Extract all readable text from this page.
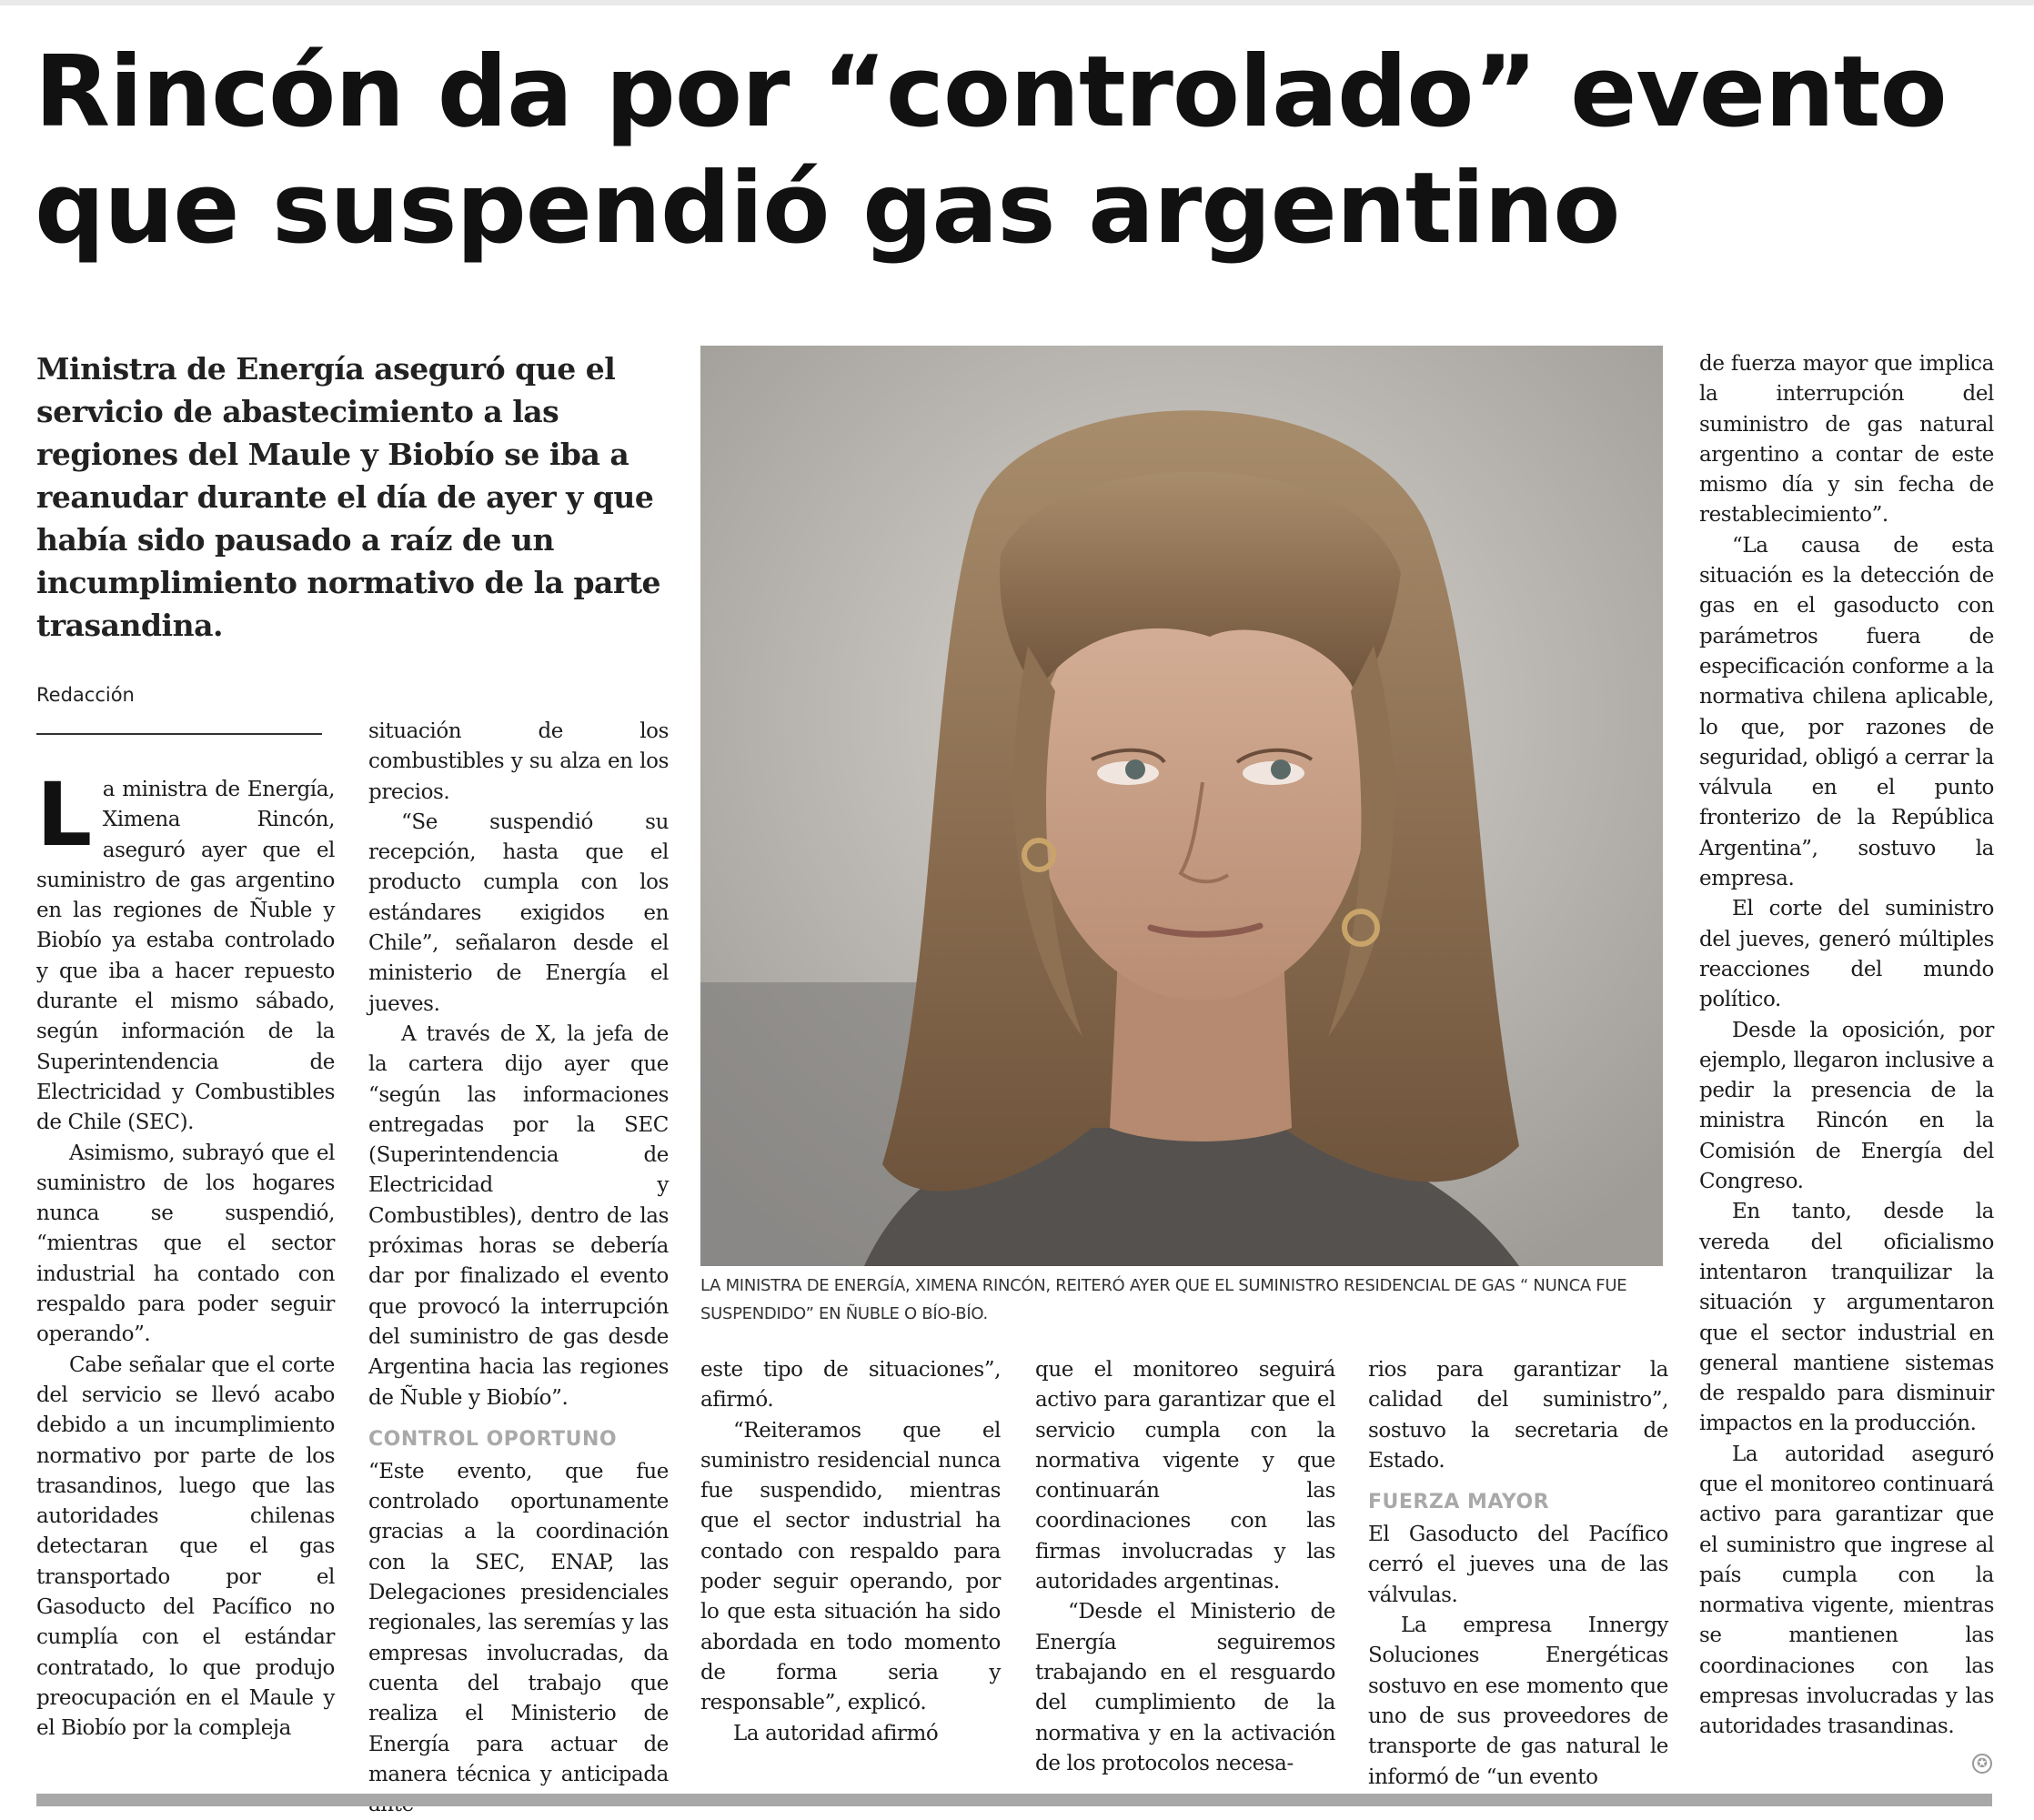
Rincón da por “controlado” evento
que suspendió gas argentino
Ministra de Energía aseguró que el servicio de abastecimiento a las regiones del Maule y Biobío se iba a reanudar durante el día de ayer y que había sido pausado a raíz de un incumplimiento normativo de la parte trasandina.
Redacción
LA MINISTRA DE ENERGÍA, XIMENA RINCÓN, REITERÓ AYER QUE EL SUMINISTRO RESIDENCIAL DE GAS “ NUNCA FUE SUSPENDIDO” EN ÑUBLE O BÍO-BÍO.

La ministra de Energía, Ximena Rincón, aseguró ayer que el suministro de gas argentino en las regiones de Ñuble y Biobío ya estaba controlado y que iba a hacer repuesto durante el mismo sábado, según información de la Superintendencia de Electricidad y Combustibles de Chile (SEC).

Asimismo, subrayó que el suministro de los hogares nunca se suspendió, “mientras que el sector industrial ha contado con respaldo para poder seguir operando”.

Cabe señalar que el corte del servicio se llevó acabo debido a un incumplimiento normativo por parte de los trasandinos, luego que las autoridades chilenas detectaran que el gas transportado por el Gasoducto del Pacífico no cumplía con el estándar contratado, lo que produjo preocupación en el Maule y el Biobío por la compleja

situación de los combustibles y su alza en los precios.

“Se suspendió su recepción, hasta que el producto cumpla con los estándares exigidos en Chile”, señalaron desde el ministerio de Energía el jueves.

A través de X, la jefa de la cartera dijo ayer que “según las informaciones entregadas por la SEC (Superintendencia de Electricidad y Combustibles), dentro de las próximas horas se debería dar por finalizado el evento que provocó la interrupción del suministro de gas desde Argentina hacia las regiones de Ñuble y Biobío”.

CONTROL OPORTUNO

“Este evento, que fue controlado oportunamente gracias a la coordinación con la SEC, ENAP, las Delegaciones presidenciales regionales, las seremías y las empresas involucradas, da cuenta del trabajo que realiza el Ministerio de Energía para actuar de manera técnica y anticipada

este tipo de situaciones”, afirmó.

“Reiteramos que el suministro residencial nunca fue suspendido, mientras que el sector industrial ha contado con respaldo para poder seguir operando, por lo que esta situación ha sido abordada en todo momento de forma seria y responsable”, explicó.

La autoridad afirmó

que el monitoreo seguirá activo para garantizar que el servicio cumpla con la normativa vigente y que continuarán las coordinaciones con las firmas involucradas y las autoridades argentinas.

“Desde el Ministerio de Energía seguiremos trabajando en el resguardo del cumplimiento de la normativa y en la activación de los protocolos necesa-

rios para garantizar la calidad del suministro”, sostuvo la secretaria de Estado.

FUERZA MAYOR

El Gasoducto del Pacífico cerró el jueves una de las válvulas.

La empresa Innergy Soluciones Energéticas sostuvo en ese momento que uno de sus proveedores de transporte de gas natural le informó de “un evento

de fuerza mayor que implica la interrupción del suministro de gas natural argentino a contar de este mismo día y sin fecha de restablecimiento”.

“La causa de esta situación es la detección de gas en el gasoducto con parámetros fuera de especificación conforme a la normativa chilena aplicable, lo que, por razones de seguridad, obligó a cerrar la válvula en el punto fronterizo de la República Argentina”, sostuvo la empresa.

El corte del suministro del jueves, generó múltiples reacciones del mundo político.

Desde la oposición, por ejemplo, llegaron inclusive a pedir la presencia de la ministra Rincón en la Comisión de Energía del Congreso.

En tanto, desde la vereda del oficialismo intentaron tranquilizar la situación y argumentaron que el sector industrial en general mantiene sistemas de respaldo para disminuir impactos en la producción.

La autoridad aseguró que el monitoreo continuará activo para garantizar que el suministro que ingrese al país cumpla con la normativa vigente, mientras se mantienen las coordinaciones con las empresas involucradas y las autoridades trasandinas.

✪
